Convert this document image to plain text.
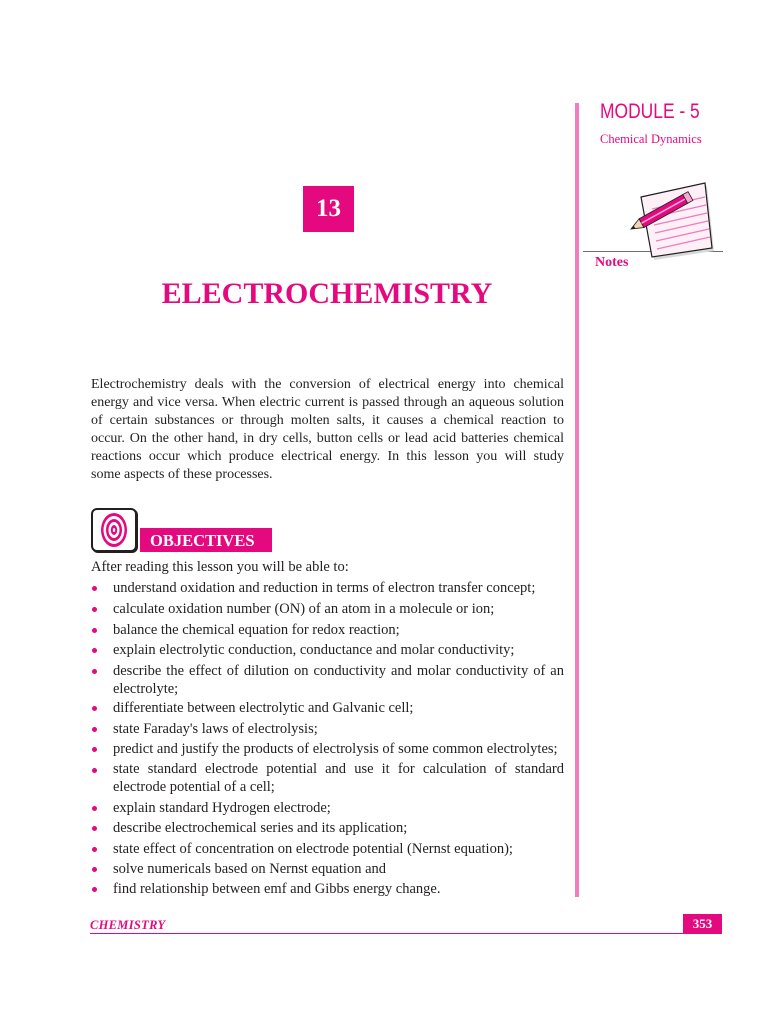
MODULE - 5
Chemical Dynamics
Notes
13
ELECTROCHEMISTRY
Electrochemistry deals with the conversion of electrical energy into chemical
energy and vice versa. When electric current is passed through an aqueous solution
of certain substances or through molten salts, it causes a chemical reaction to
occur. On the other hand, in dry cells, button cells or lead acid batteries chemical
reactions occur which produce electrical energy. In this lesson you will study
some aspects of these processes.
OBJECTIVES
After reading this lesson you will be able to:
understand oxidation and reduction in terms of electron transfer concept;
calculate oxidation number (ON) of an atom in a molecule or ion;
balance the chemical equation for redox reaction;
explain electrolytic conduction, conductance and molar conductivity;
describe the effect of dilution on conductivity and molar conductivity of an
electrolyte;
differentiate between electrolytic and Galvanic cell;
state Faraday's laws of electrolysis;
predict and justify the products of electrolysis of some common electrolytes;
state standard electrode potential and use it for calculation of standard
electrode potential of a cell;
explain standard Hydrogen electrode;
describe electrochemical series and its application;
state effect of concentration on electrode potential (Nernst equation);
solve numericals based on Nernst equation and
find relationship between emf and Gibbs energy change.
CHEMISTRY	353
